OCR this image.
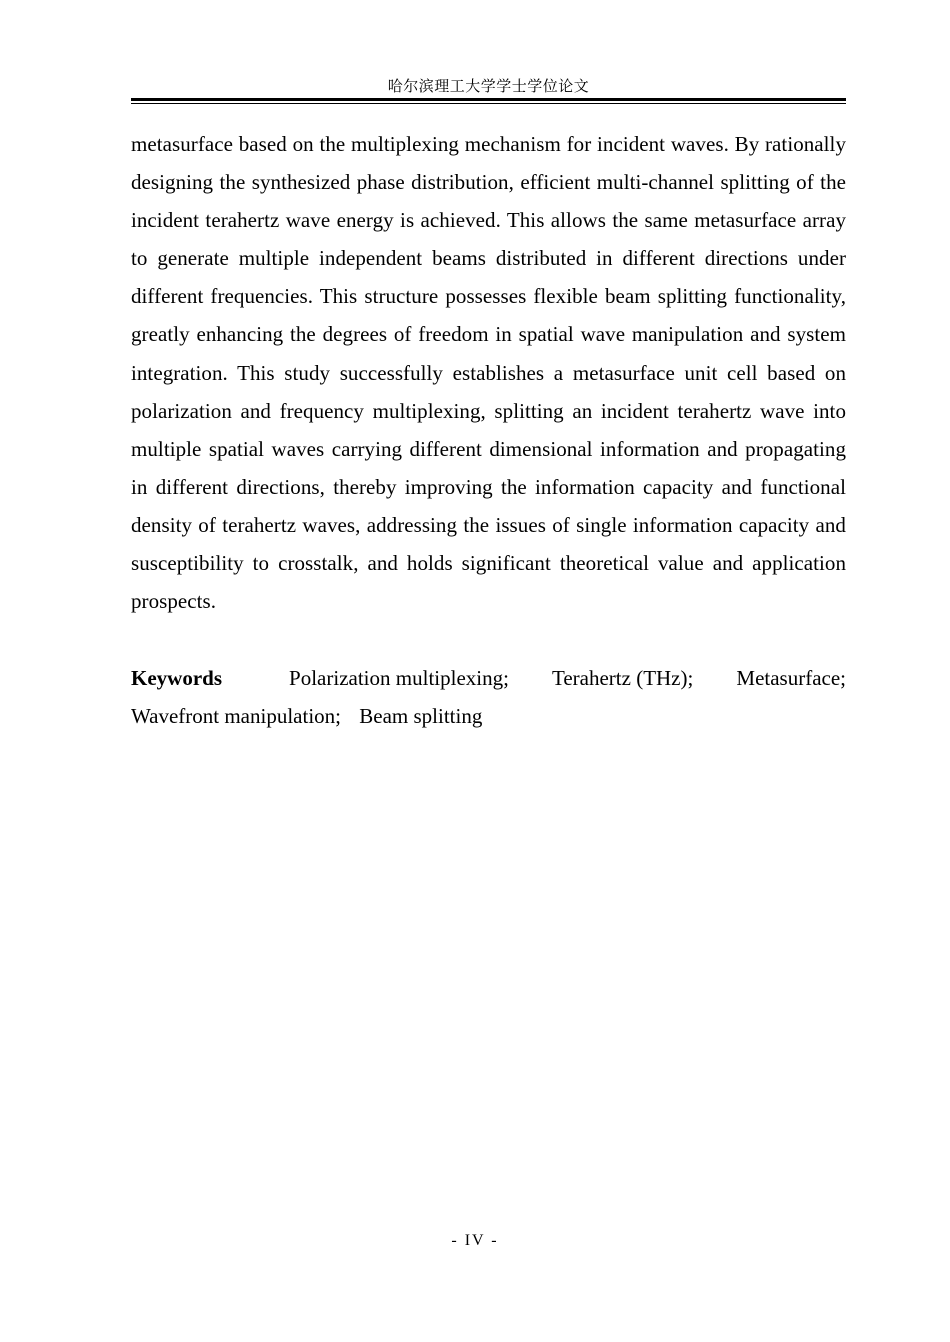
哈尔滨理工大学学士学位论文

metasurface based on the multiplexing mechanism for incident waves. By rationally designing the synthesized phase distribution, efficient multi-channel splitting of the incident terahertz wave energy is achieved. This allows the same metasurface array to generate multiple independent beams distributed in different directions under different frequencies. This structure possesses flexible beam splitting functionality, greatly enhancing the degrees of freedom in spatial wave manipulation and system integration. This study successfully establishes a metasurface unit cell based on polarization and frequency multiplexing, splitting an incident terahertz wave into multiple spatial waves carrying different dimensional information and propagating in different directions, thereby improving the information capacity and functional density of terahertz waves, addressing the issues of single information capacity and susceptibility to crosstalk, and holds significant theoretical value and application prospects.

Keywords	Polarization multiplexing; Terahertz (THz); Metasurface;
Wavefront manipulation; Beam splitting
- IV -
